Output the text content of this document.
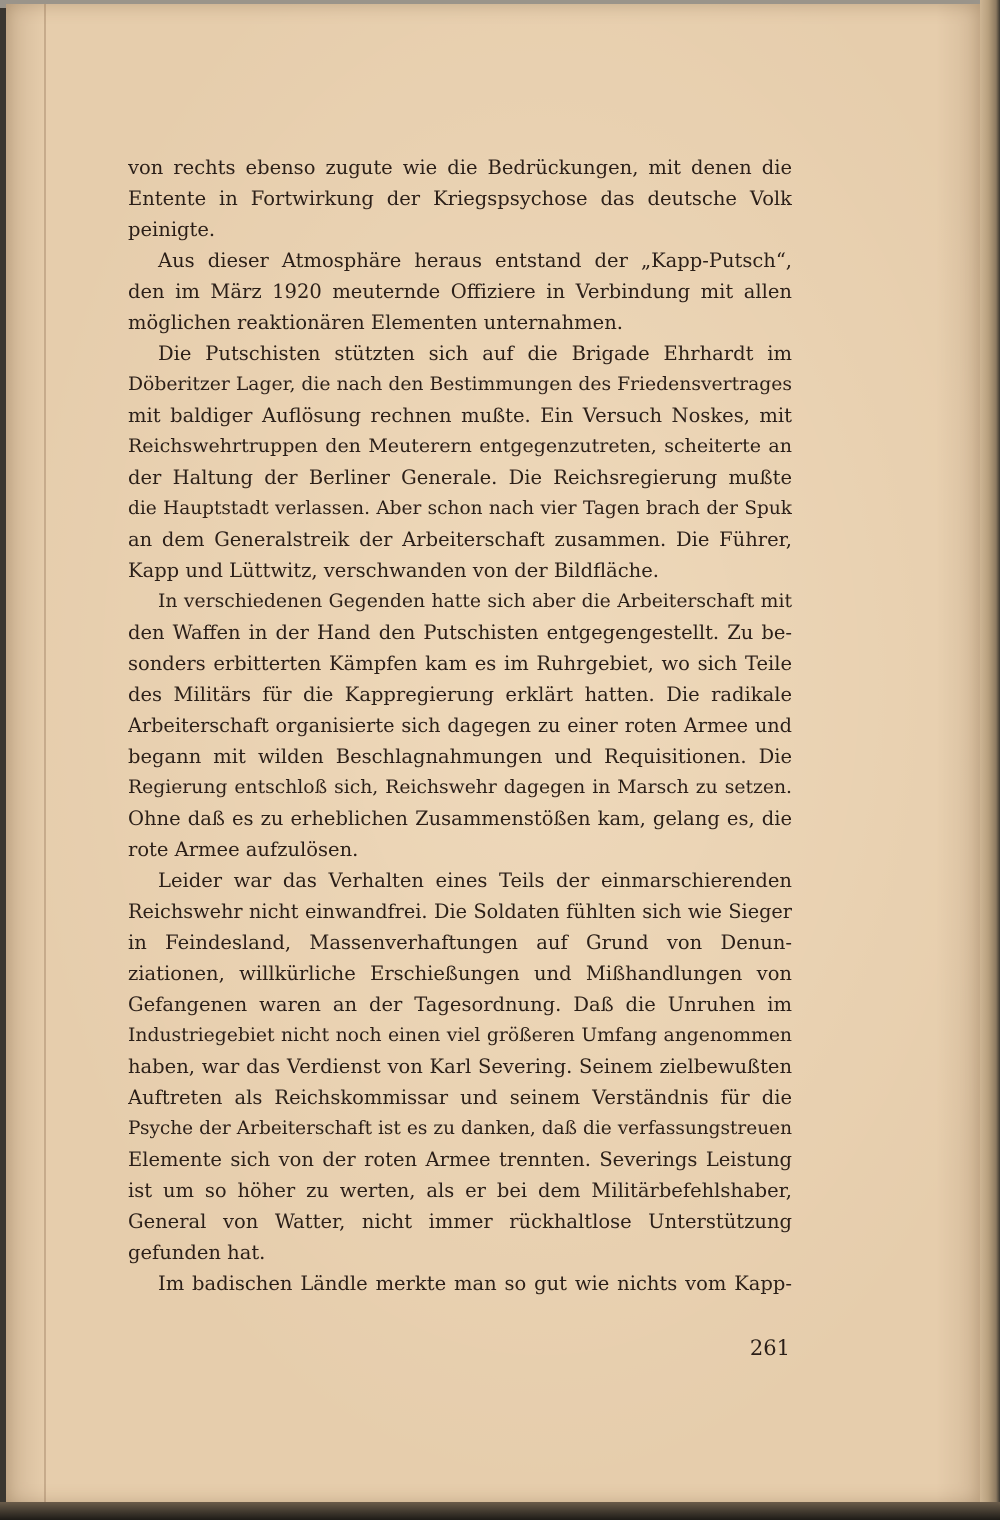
von rechts ebenso zugute wie die Bedrückungen, mit denen die
Entente in Fortwirkung der Kriegspsychose das deutsche Volk
peinigte.
Aus dieser Atmosphäre heraus entstand der „Kapp-Putsch“,
den im März 1920 meuternde Offiziere in Verbindung mit allen
möglichen reaktionären Elementen unternahmen.
Die Putschisten stützten sich auf die Brigade Ehrhardt im
Döberitzer Lager, die nach den Bestimmungen des Friedensvertrages
mit baldiger Auflösung rechnen mußte. Ein Versuch Noskes, mit
Reichswehrtruppen den Meuterern entgegenzutreten, scheiterte an
der Haltung der Berliner Generale. Die Reichsregierung mußte
die Hauptstadt verlassen. Aber schon nach vier Tagen brach der Spuk
an dem Generalstreik der Arbeiterschaft zusammen. Die Führer,
Kapp und Lüttwitz, verschwanden von der Bildfläche.
In verschiedenen Gegenden hatte sich aber die Arbeiterschaft mit
den Waffen in der Hand den Putschisten entgegengestellt. Zu be-
sonders erbitterten Kämpfen kam es im Ruhrgebiet, wo sich Teile
des Militärs für die Kappregierung erklärt hatten. Die radikale
Arbeiterschaft organisierte sich dagegen zu einer roten Armee und
begann mit wilden Beschlagnahmungen und Requisitionen. Die
Regierung entschloß sich, Reichswehr dagegen in Marsch zu setzen.
Ohne daß es zu erheblichen Zusammenstößen kam, gelang es, die
rote Armee aufzulösen.
Leider war das Verhalten eines Teils der einmarschierenden
Reichswehr nicht einwandfrei. Die Soldaten fühlten sich wie Sieger
in Feindesland, Massenverhaftungen auf Grund von Denun-
ziationen, willkürliche Erschießungen und Mißhandlungen von
Gefangenen waren an der Tagesordnung. Daß die Unruhen im
Industriegebiet nicht noch einen viel größeren Umfang angenommen
haben, war das Verdienst von Karl Severing. Seinem zielbewußten
Auftreten als Reichskommissar und seinem Verständnis für die
Psyche der Arbeiterschaft ist es zu danken, daß die verfassungstreuen
Elemente sich von der roten Armee trennten. Severings Leistung
ist um so höher zu werten, als er bei dem Militärbefehlshaber,
General von Watter, nicht immer rückhaltlose Unterstützung
gefunden hat.
Im badischen Ländle merkte man so gut wie nichts vom Kapp-
261
